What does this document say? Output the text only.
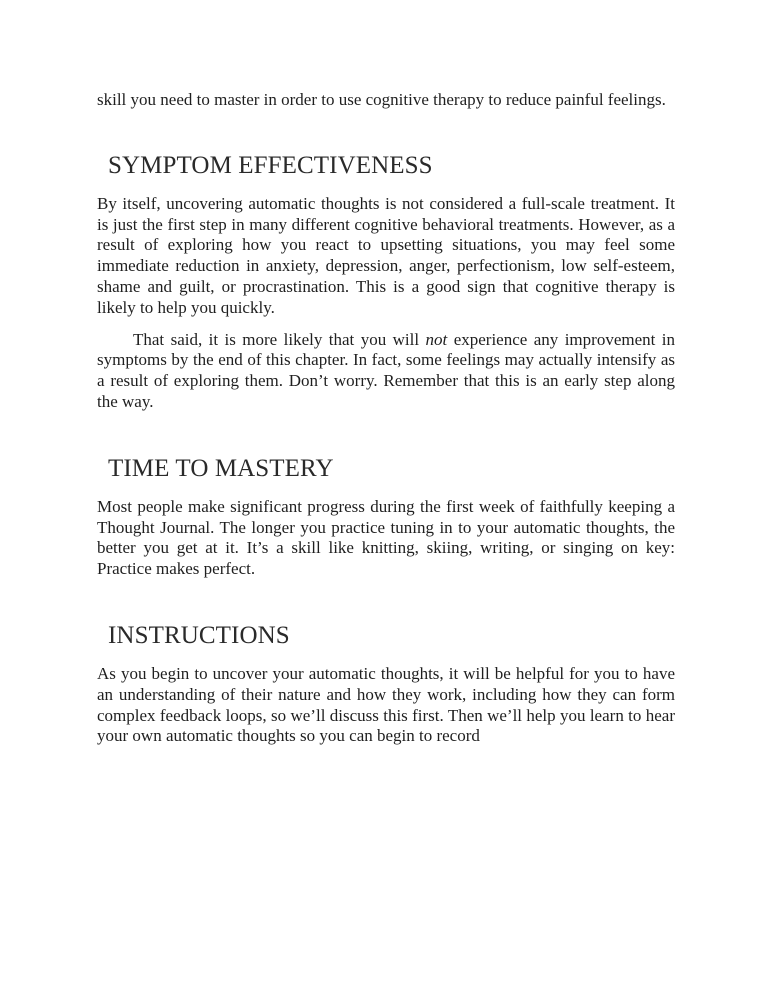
skill you need to master in order to use cognitive therapy to reduce painful feelings.

SYMPTOM EFFECTIVENESS

By itself, uncovering automatic thoughts is not considered a full-scale treatment. It is just the first step in many different cognitive behavioral treatments. However, as a result of exploring how you react to upsetting situations, you may feel some immediate reduction in anxiety, depression, anger, perfectionism, low self-esteem, shame and guilt, or procrastination. This is a good sign that cognitive therapy is likely to help you quickly.

That said, it is more likely that you will not experience any improvement in symptoms by the end of this chapter. In fact, some feelings may actually intensify as a result of exploring them. Don’t worry. Remember that this is an early step along the way.

TIME TO MASTERY

Most people make significant progress during the first week of faithfully keeping a Thought Journal. The longer you practice tuning in to your automatic thoughts, the better you get at it. It’s a skill like knitting, skiing, writing, or singing on key: Practice makes perfect.

INSTRUCTIONS

As you begin to uncover your automatic thoughts, it will be helpful for you to have an understanding of their nature and how they work, including how they can form complex feedback loops, so we’ll discuss this first. Then we’ll help you learn to hear your own automatic thoughts so you can begin to record
